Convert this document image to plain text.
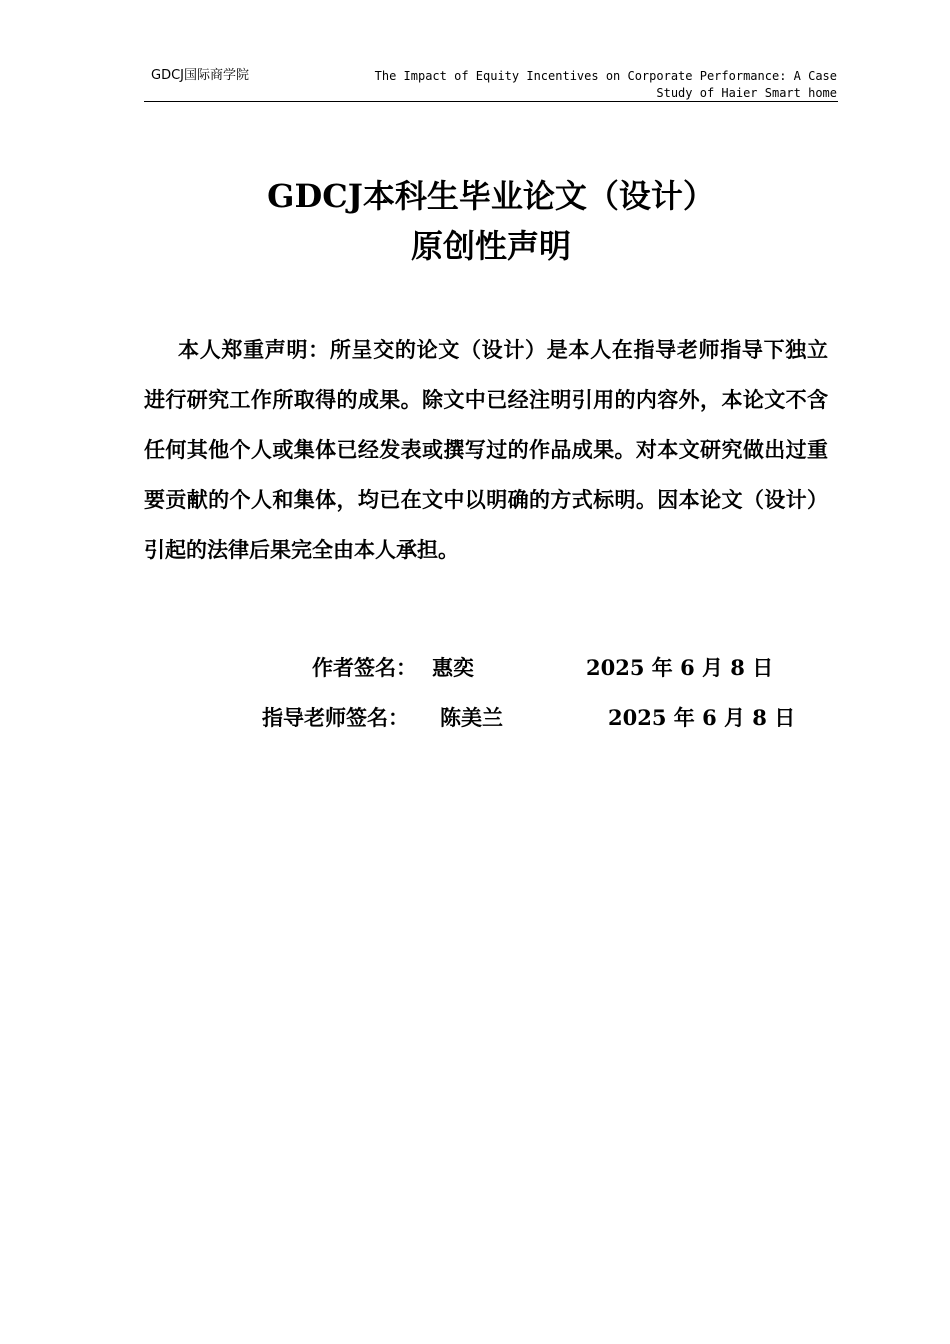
GDCJ国际商学院	The Impact of Equity Incentives on Corporate Performance: A Case
Study of Haier Smart home
GDCJ本科生毕业论文（设计）
原创性声明

本人郑重声明：所呈交的论文（设计）是本人在指导老师指导下独立进行研究工作所取得的成果。除文中已经注明引用的内容外，本论文不含任何其他个人或集体已经发表或撰写过的作品成果。对本文研究做出过重要贡献的个人和集体，均已在文中以明确的方式标明。因本论文（设计）引起的法律后果完全由本人承担。

作者签名： 惠奕	2025 年 6 月 8 日
指导老师签名： 陈美兰	2025 年 6 月 8 日
